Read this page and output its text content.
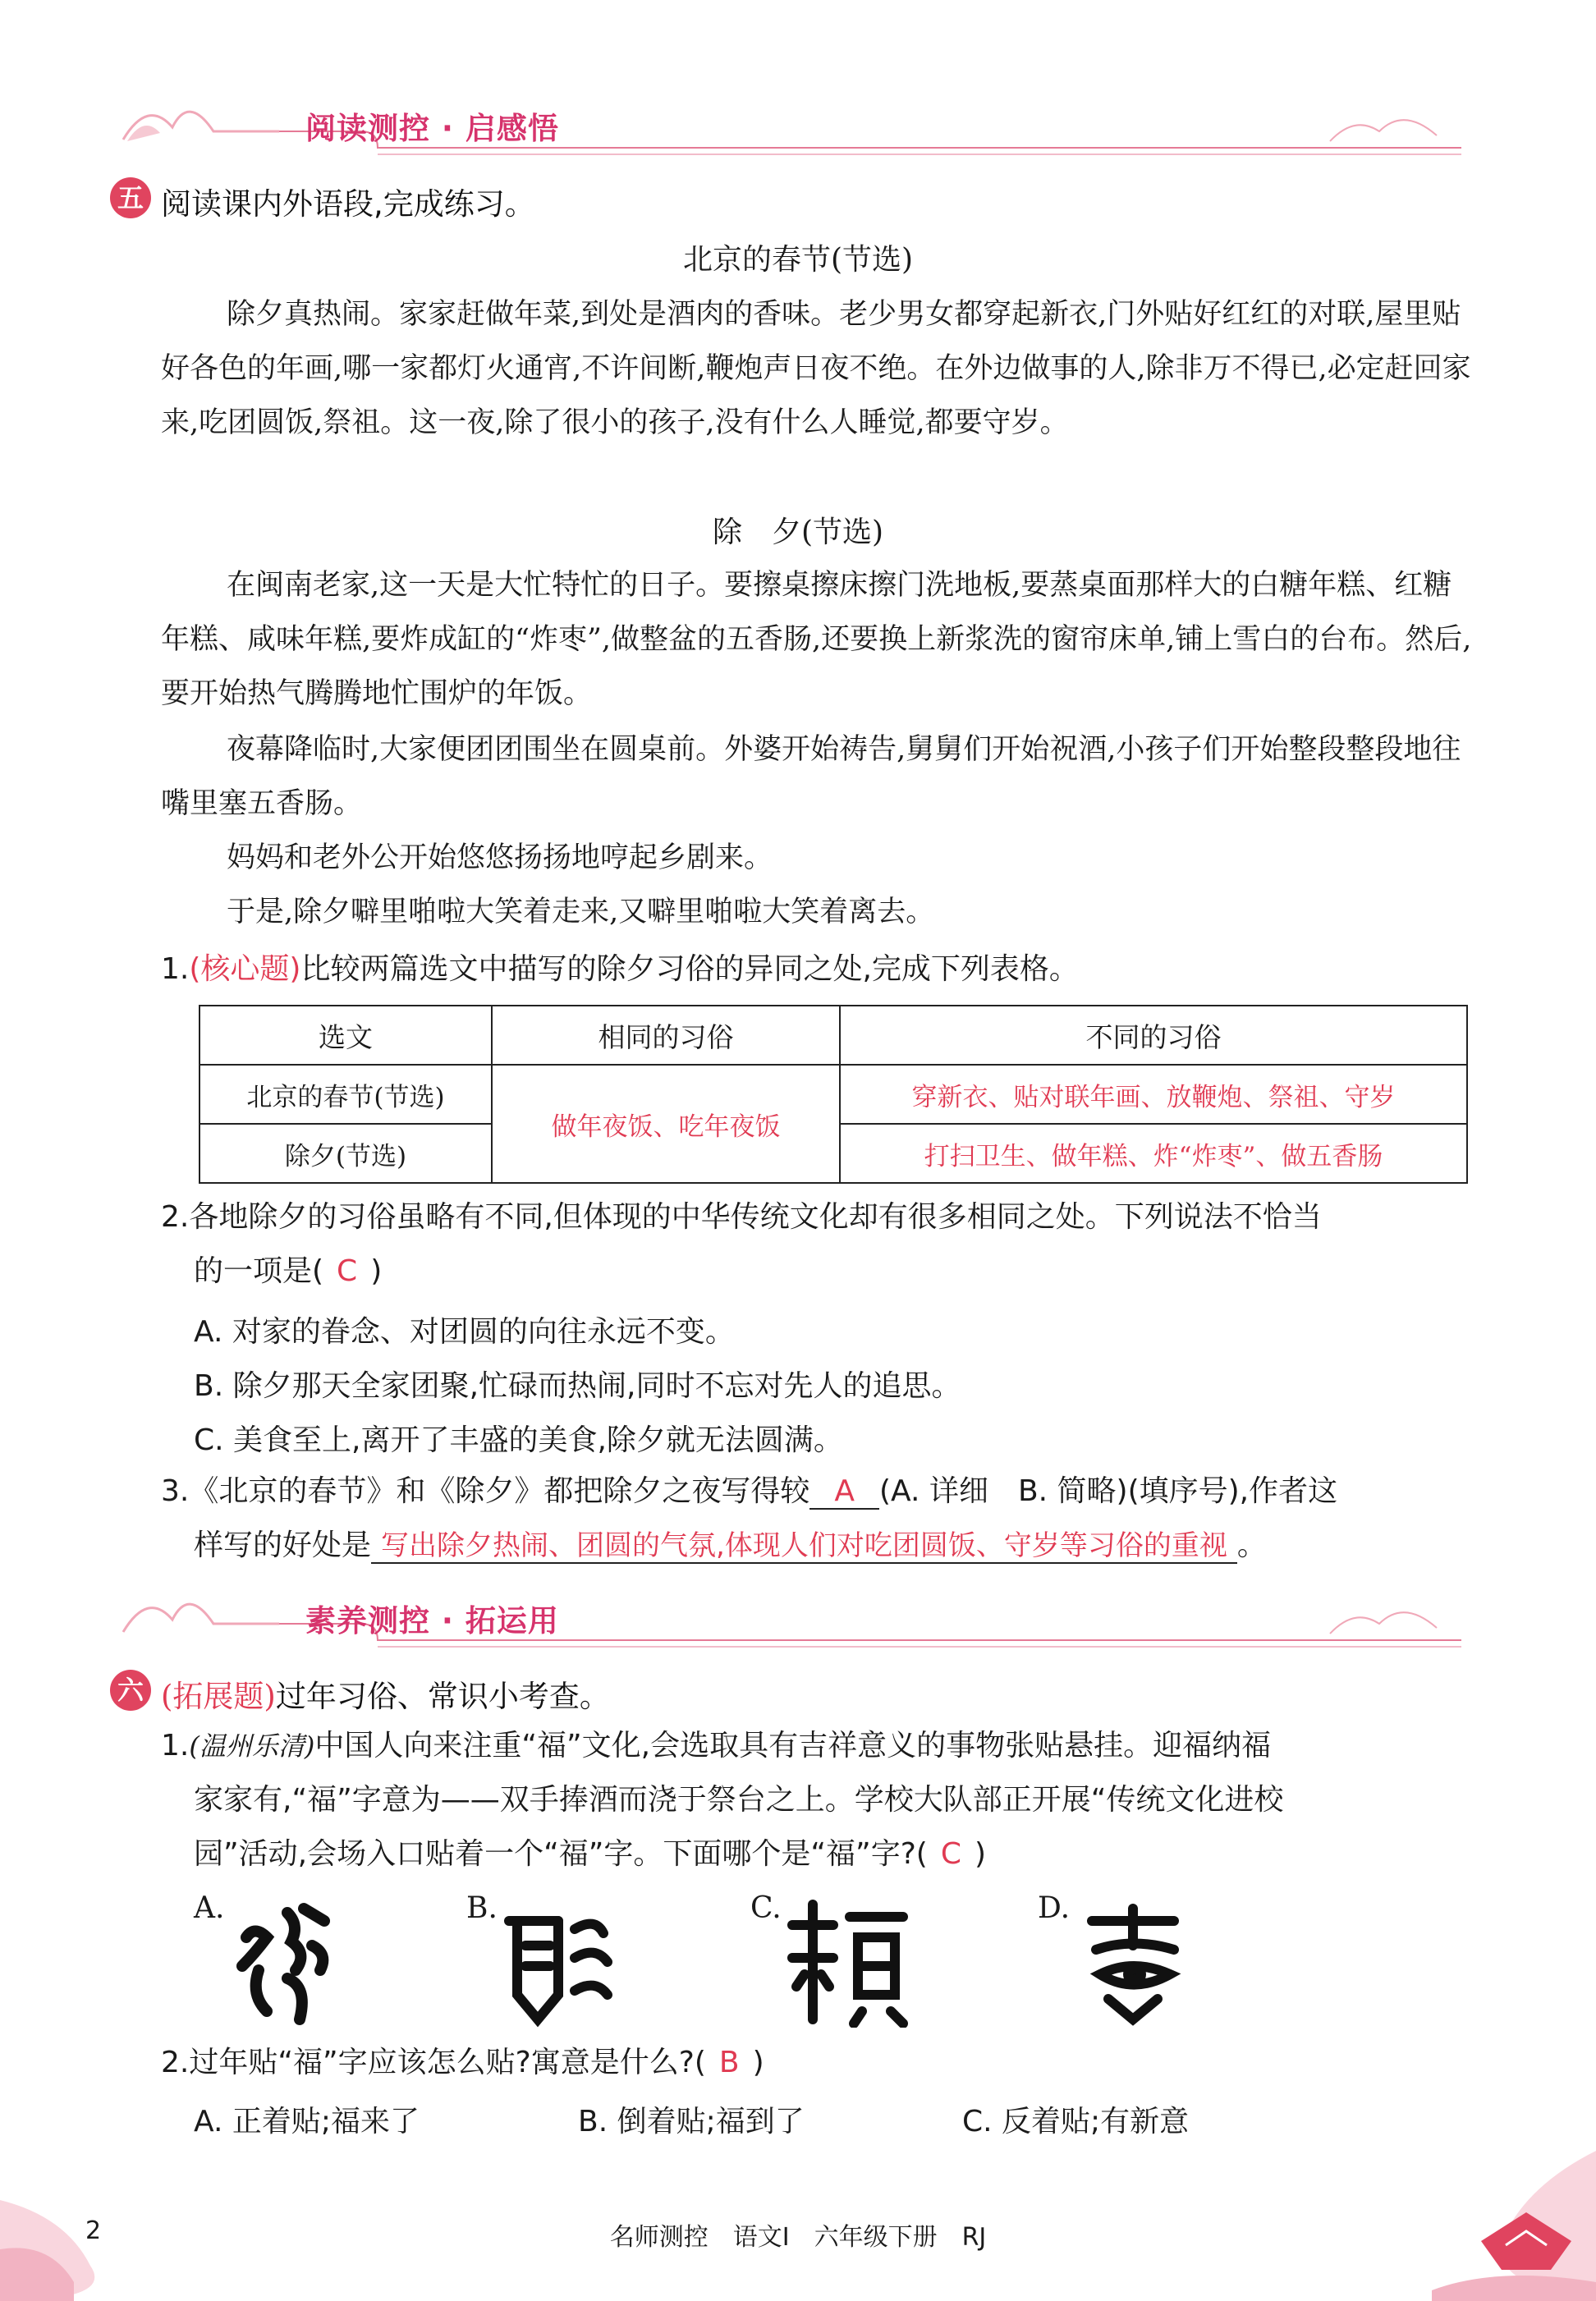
阅读测控 · 启感悟
五 阅读课内外语段,完成练习。
北京的春节(节选)
除夕真热闹。家家赶做年菜,到处是酒肉的香味。老少男女都穿起新衣,门外贴好红红的对联,屋里贴好各色的年画,哪一家都灯火通宵,不许间断,鞭炮声日夜不绝。在外边做事的人,除非万不得已,必定赶回家来,吃团圆饭,祭祖。这一夜,除了很小的孩子,没有什么人睡觉,都要守岁。
除　夕(节选)
在闽南老家,这一天是大忙特忙的日子。要擦桌擦床擦门洗地板,要蒸桌面那样大的白糖年糕、红糖年糕、咸味年糕,要炸成缸的“炸枣”,做整盆的五香肠,还要换上新浆洗的窗帘床单,铺上雪白的台布。然后,要开始热气腾腾地忙围炉的年饭。
夜幕降临时,大家便团团围坐在圆桌前。外婆开始祷告,舅舅们开始祝酒,小孩子们开始整段整段地往嘴里塞五香肠。
妈妈和老外公开始悠悠扬扬地哼起乡剧来。
于是,除夕噼里啪啦大笑着走来,又噼里啪啦大笑着离去。
1.(核心题)比较两篇选文中描写的除夕习俗的异同之处,完成下列表格。
选文	相同的习俗	不同的习俗
北京的春节(节选)	做年夜饭、吃年夜饭	穿新衣、贴对联年画、放鞭炮、祭祖、守岁
除夕(节选)		打扫卫生、做年糕、炸“炸枣”、做五香肠
2.各地除夕的习俗虽略有不同,但体现的中华传统文化却有很多相同之处。下列说法不恰当
的一项是( C )
A. 对家的眷念、对团圆的向往永远不变。
B. 除夕那天全家团聚,忙碌而热闹,同时不忘对先人的追思。
C. 美食至上,离开了丰盛的美食,除夕就无法圆满。
3.《北京的春节》和《除夕》都把除夕之夜写得较 A (A. 详细　B. 简略)(填序号),作者这
样写的好处是 写出除夕热闹、团圆的气氛,体现人们对吃团圆饭、守岁等习俗的重视 。
素养测控 · 拓运用
六 (拓展题)过年习俗、常识小考查。
1.(温州乐清)中国人向来注重“福”文化,会选取具有吉祥意义的事物张贴悬挂。迎福纳福
家家有,“福”字意为——双手捧酒而浇于祭台之上。学校大队部正开展“传统文化进校
园”活动,会场入口贴着一个“福”字。下面哪个是“福”字?( C )
A.	B.	C.	D.
2.过年贴“福”字应该怎么贴?寓意是什么?( B )
A. 正着贴;福来了	B. 倒着贴;福到了	C. 反着贴;有新意
2	名师测控　语文Ⅰ　六年级下册　RJ
